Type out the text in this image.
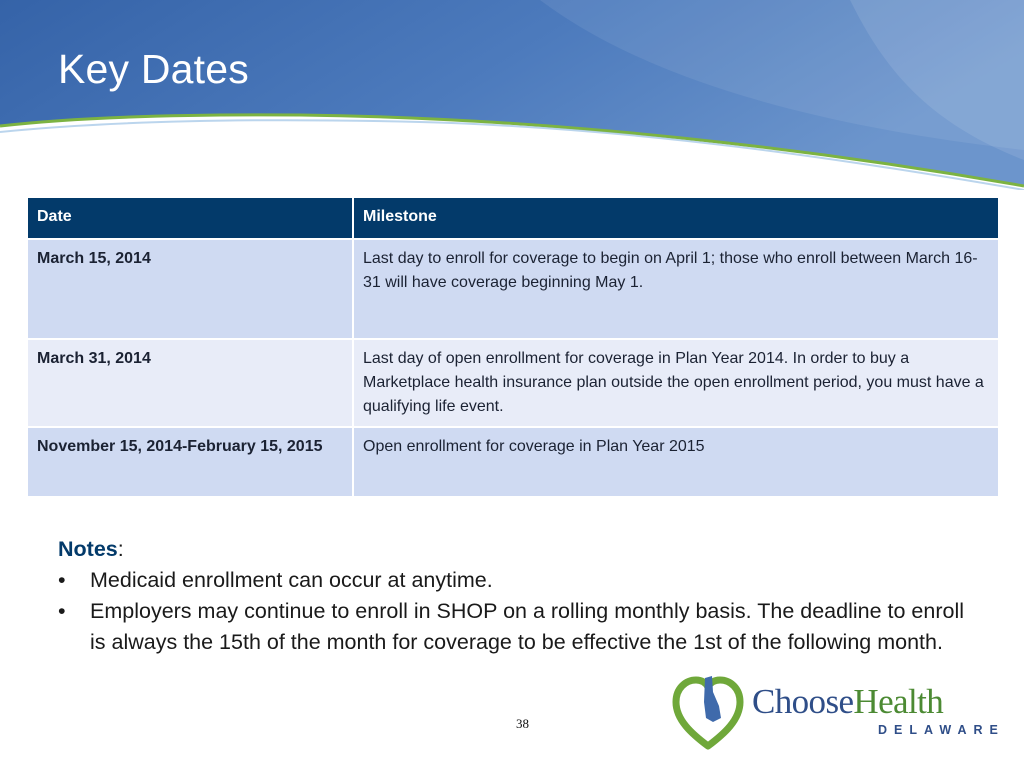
Key Dates
Date	Milestone
March 15, 2014	Last day to enroll for coverage to begin on April 1; those who enroll between March 16-31 will have coverage beginning May 1.
March 31, 2014	Last day of open enrollment for coverage in Plan Year 2014. In order to buy a Marketplace health insurance plan outside the open enrollment period, you must have a qualifying life event.
November 15, 2014-February 15, 2015	Open enrollment for coverage in Plan Year 2015
Notes:
• Medicaid enrollment can occur at anytime.
• Employers may continue to enroll in SHOP on a rolling monthly basis. The deadline to enroll is always the 15th of the month for coverage to be effective the 1st of the following month.
38
ChooseHealth
DELAWARE
